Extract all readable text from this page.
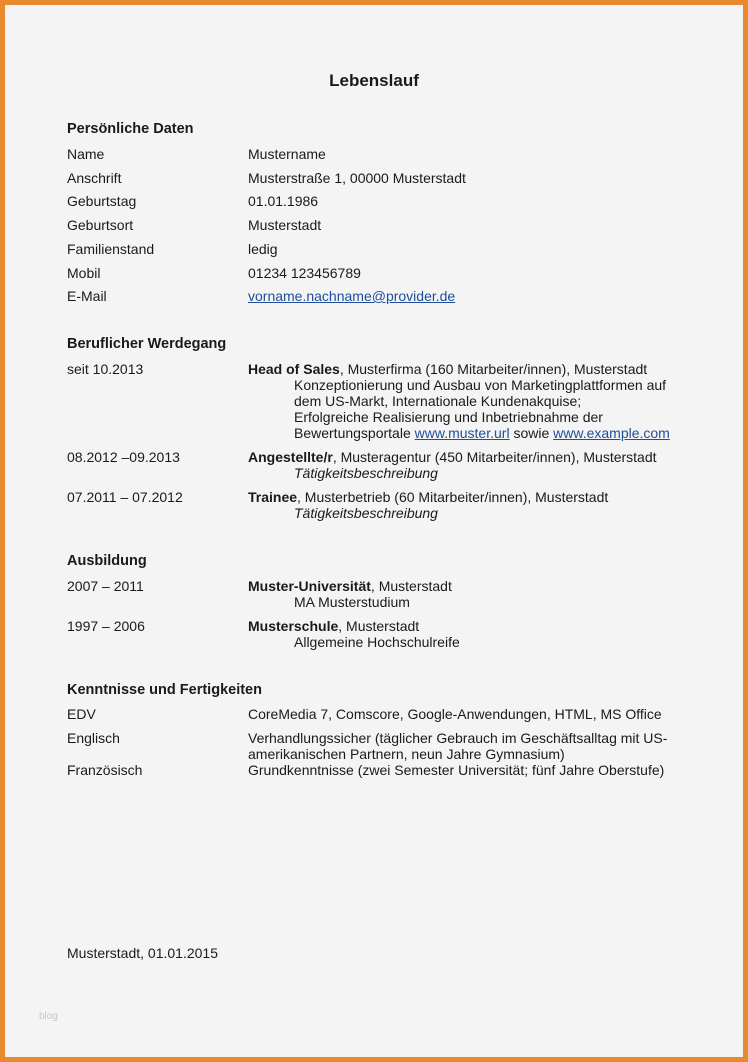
Lebenslauf
Persönliche Daten
Name	Mustername
Anschrift	Musterstraße 1, 00000 Musterstadt
Geburtstag	01.01.1986
Geburtsort	Musterstadt
Familienstand	ledig
Mobil	01234 123456789
E-Mail	vorname.nachname@provider.de
Beruflicher Werdegang
seit 10.2013	Head of Sales, Musterfirma (160 Mitarbeiter/innen), Musterstadt
Konzeptionierung und Ausbau von Marketingplattformen auf
dem US-Markt, Internationale Kundenakquise;
Erfolgreiche Realisierung und Inbetriebnahme der
Bewertungsportale www.muster.url sowie www.example.com
08.2012 –09.2013	Angestellte/r, Musteragentur (450 Mitarbeiter/innen), Musterstadt
Tätigkeitsbeschreibung
07.2011 – 07.2012	Trainee, Musterbetrieb (60 Mitarbeiter/innen), Musterstadt
Tätigkeitsbeschreibung
Ausbildung
2007 – 2011	Muster-Universität, Musterstadt
MA Musterstudium
1997 – 2006	Musterschule, Musterstadt
Allgemeine Hochschulreife
Kenntnisse und Fertigkeiten
EDV	CoreMedia 7, Comscore, Google-Anwendungen, HTML, MS Office
Englisch	Verhandlungssicher (täglicher Gebrauch im Geschäftsalltag mit US-
amerikanischen Partnern, neun Jahre Gymnasium)
Französisch	Grundkenntnisse (zwei Semester Universität; fünf Jahre Oberstufe)
Musterstadt, 01.01.2015
blog
